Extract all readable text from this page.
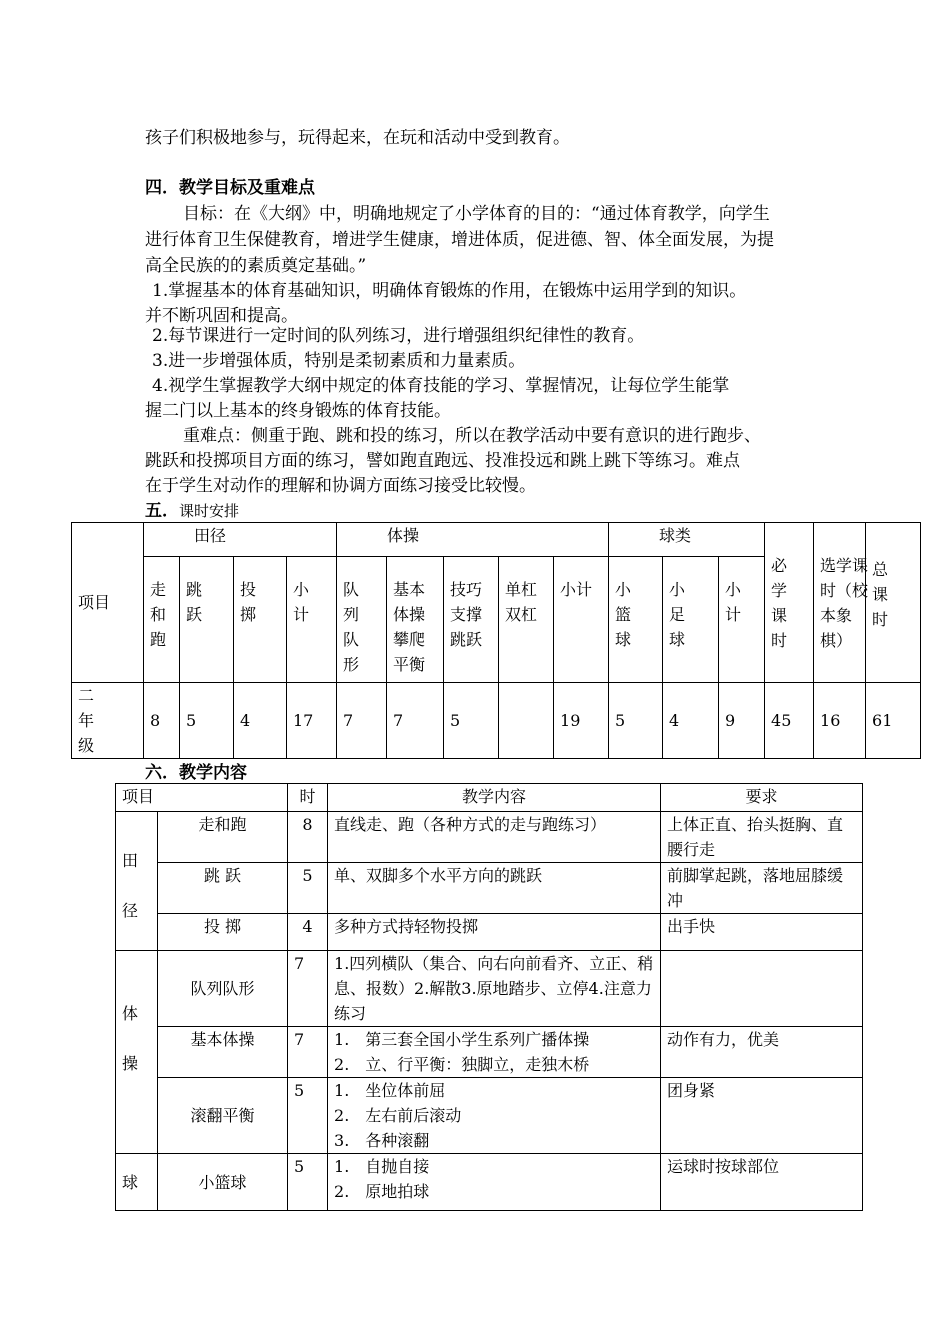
孩子们积极地参与，玩得起来，在玩和活动中受到教育。
四．教学目标及重难点
目标：在《大纲》中，明确地规定了小学体育的目的：“通过体育教学，向学生
进行体育卫生保健教育，增进学生健康，增进体质，促进德、智、体全面发展，为提
高全民族的的素质奠定基础。”
1.掌握基本的体育基础知识，明确体育锻炼的作用，在锻炼中运用学到的知识。
并不断巩固和提高。
2.每节课进行一定时间的队列练习，进行增强组织纪律性的教育。
3.进一步增强体质，特别是柔韧素质和力量素质。
4.视学生掌握教学大纲中规定的体育技能的学习、掌握情况，让每位学生能掌
握二门以上基本的终身锻炼的体育技能。
重难点：侧重于跑、跳和投的练习，所以在教学活动中要有意识的进行跑步、
跳跃和投掷项目方面的练习，譬如跑直跑远、投准投远和跳上跳下等练习。难点
在于学生对动作的理解和协调方面练习接受比较慢。
五．课时安排
项目	田径				体操					球类			必学课时	选学课时（校本象棋）	总课时

	走和跑	跳跃	投掷	小计	队列队形	基本体操攀爬平衡	技巧支撑跳跃	单杠双杠	小计	小篮球	小足球	小计			

二年级	8	5	4	17	7	7	5		19	5	4	9	45	16	61
六．教学内容
项目		时	教学内容	要求

田径	走和跑	8	直线走、跑（各种方式的走与跑练习）	上体正直、抬头挺胸、直腰行走
	跳 跃	5	单、双脚多个水平方向的跳跃	前脚掌起跳，落地屈膝缓冲
	投 掷	4	多种方式持轻物投掷	出手快

体操	队列队形	7	1.四列横队（集合、向右向前看齐、立正、稍息、报数）2.解散3.原地踏步、立停4.注意力练习	
	基本体操	7	1.　第三套全国小学生系列广播体操
2.　立、行平衡：独脚立，走独木桥	动作有力，优美
	滚翻平衡	5	1.　坐位体前屈
2.　左右前后滚动
3.　各种滚翻	团身紧
球	小篮球	5	1.　自抛自接
2.　原地拍球	运球时按球部位
